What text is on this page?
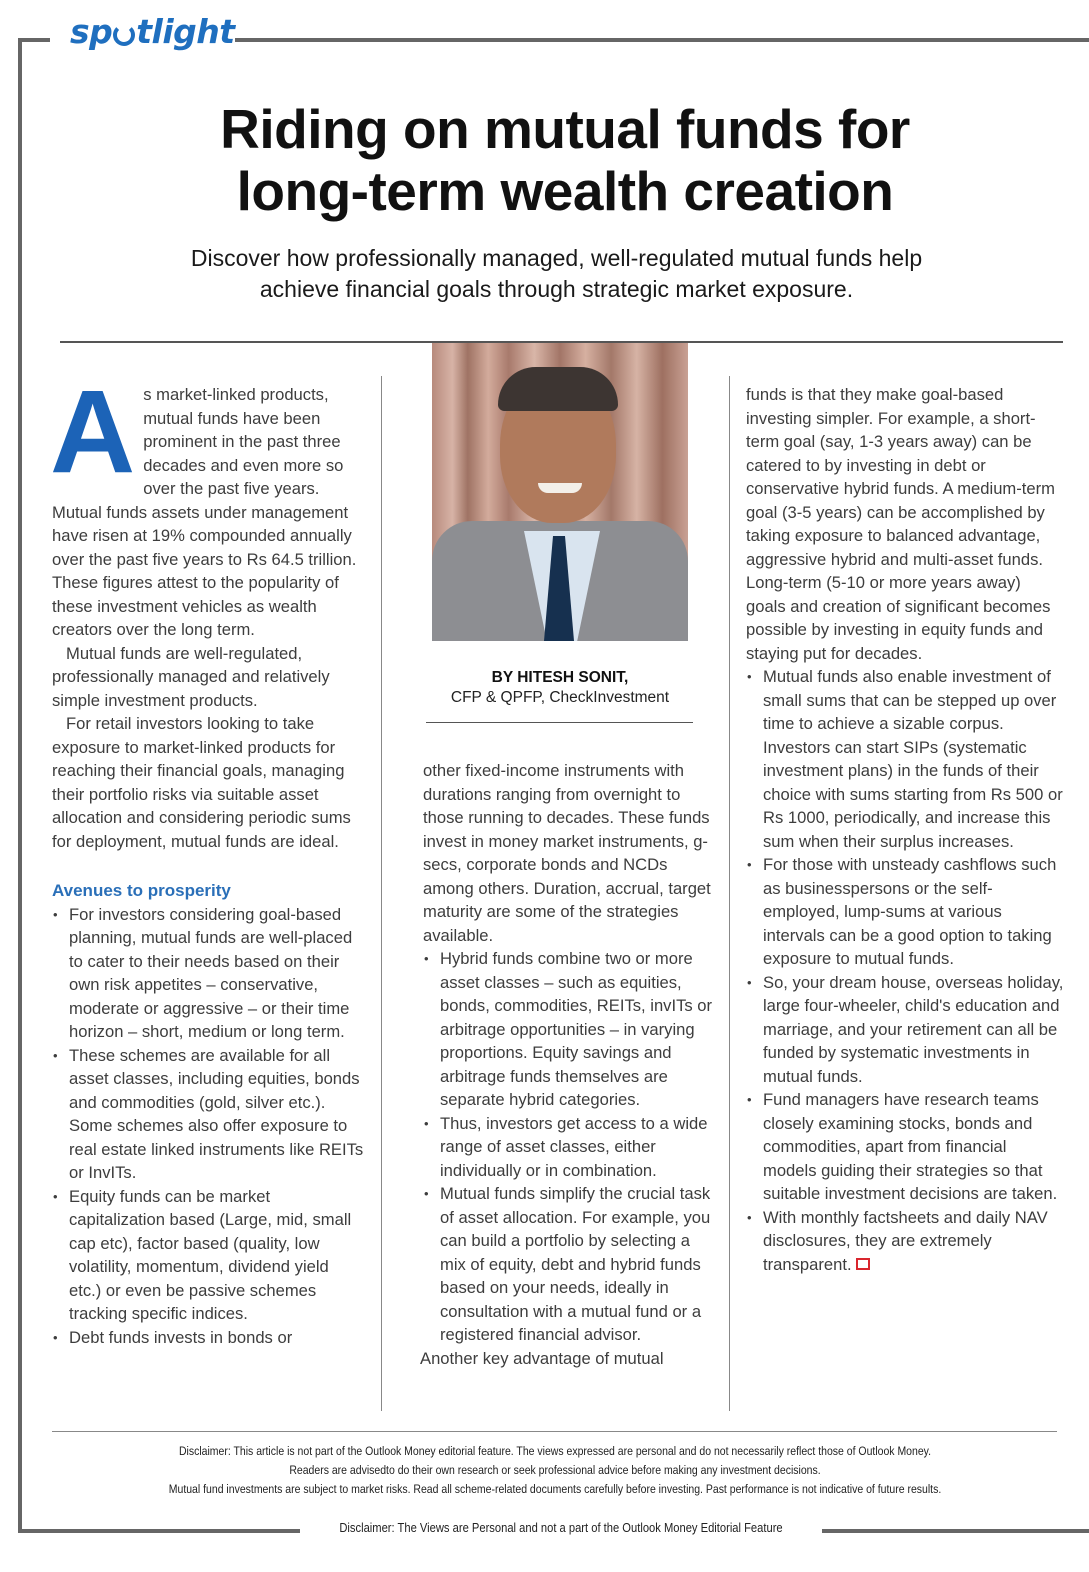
sp tlight
Riding on mutual funds for
long-term wealth creation
Discover how professionally managed, well-regulated mutual funds help
achieve financial goals through strategic market exposure.
A s market-linked products, mutual funds have been prominent in the past three decades and even more so over the past five years. Mutual funds assets under management have risen at 19% compounded annually over the past five years to Rs 64.5 trillion. These figures attest to the popularity of these investment vehicles as wealth creators over the long term.

Mutual funds are well-regulated, professionally managed and relatively simple investment products.

For retail investors looking to take exposure to market-linked products for reaching their financial goals, managing their portfolio risks via suitable asset allocation and considering periodic sums for deployment, mutual funds are ideal.

Avenues to prosperity

• For investors considering goal-based planning, mutual funds are well-placed to cater to their needs based on their own risk appetites – conservative, moderate or aggressive – or their time horizon – short, medium or long term.
• These schemes are available for all asset classes, including equities, bonds and commodities (gold, silver etc.). Some schemes also offer exposure to real estate linked instruments like REITs or InvITs.
• Equity funds can be market capitalization based (Large, mid, small cap etc), factor based (quality, low volatility, momentum, dividend yield etc.) or even be passive schemes tracking specific indices.
• Debt funds invests in bonds or
BY HITESH SONIT,
CFP & QPFP, CheckInvestment

other fixed-income instruments with durations ranging from overnight to those running to decades. These funds invest in money market instruments, g-secs, corporate bonds and NCDs among others. Duration, accrual, target maturity are some of the strategies available.

• Hybrid funds combine two or more asset classes – such as equities, bonds, commodities, REITs, invITs or arbitrage opportunities – in varying proportions. Equity savings and arbitrage funds themselves are separate hybrid categories.
• Thus, investors get access to a wide range of asset classes, either individually or in combination.
• Mutual funds simplify the crucial task of asset allocation. For example, you can build a portfolio by selecting a mix of equity, debt and hybrid funds based on your needs, ideally in consultation with a mutual fund or a registered financial advisor.

Another key advantage of mutual

funds is that they make goal-based investing simpler. For example, a short-term goal (say, 1-3 years away) can be catered to by investing in debt or conservative hybrid funds. A medium-term goal (3-5 years) can be accomplished by taking exposure to balanced advantage, aggressive hybrid and multi-asset funds. Long-term (5-10 or more years away) goals and creation of significant becomes possible by investing in equity funds and staying put for decades.

• Mutual funds also enable investment of small sums that can be stepped up over time to achieve a sizable corpus. Investors can start SIPs (systematic investment plans) in the funds of their choice with sums starting from Rs 500 or Rs 1000, periodically, and increase this sum when their surplus increases.
• For those with unsteady cashflows such as businesspersons or the self-employed, lump-sums at various intervals can be a good option to taking exposure to mutual funds.
• So, your dream house, overseas holiday, large four-wheeler, child's education and marriage, and your retirement can all be funded by systematic investments in mutual funds.
• Fund managers have research teams closely examining stocks, bonds and commodities, apart from financial models guiding their strategies so that suitable investment decisions are taken.
• With monthly factsheets and daily NAV disclosures, they are extremely transparent.
Disclaimer: This article is not part of the Outlook Money editorial feature. The views expressed are personal and do not necessarily reflect those of Outlook Money.
Readers are advisedto do their own research or seek professional advice before making any investment decisions.
Mutual fund investments are subject to market risks. Read all scheme-related documents carefully before investing. Past performance is not indicative of future results.
Disclaimer: The Views are Personal and not a part of the Outlook Money Editorial Feature
